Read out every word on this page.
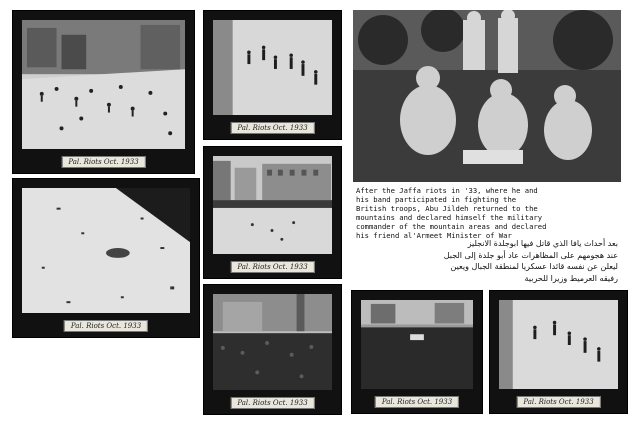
Pal. Riots Oct. 1933
Pal. Riots Oct. 1933
Pal. Riots Oct. 1933
Pal. Riots Oct. 1933
Pal. Riots Oct. 1933	Pal. Riots Oct. 1933	Pal. Riots Oct. 1933
After the Jaffa riots in '33, where he and
his band participated in fighting the
British troops, Abu Jildeh returned to the
mountains and declared himself the military
commander of the mountain areas and declared
his friend al'Armeet Minister of War
بعد أحداث يافا الذي قاتل فيها ابوجلدة الانجليز
عند هجومهم على المظاهرات عاد أبو جلدة إلى الجبل
ليعلن عن نفسه قائدا عسكريا لمنطقة الجبال ويعين
رفيقه العرميط وزيرا للحربية
